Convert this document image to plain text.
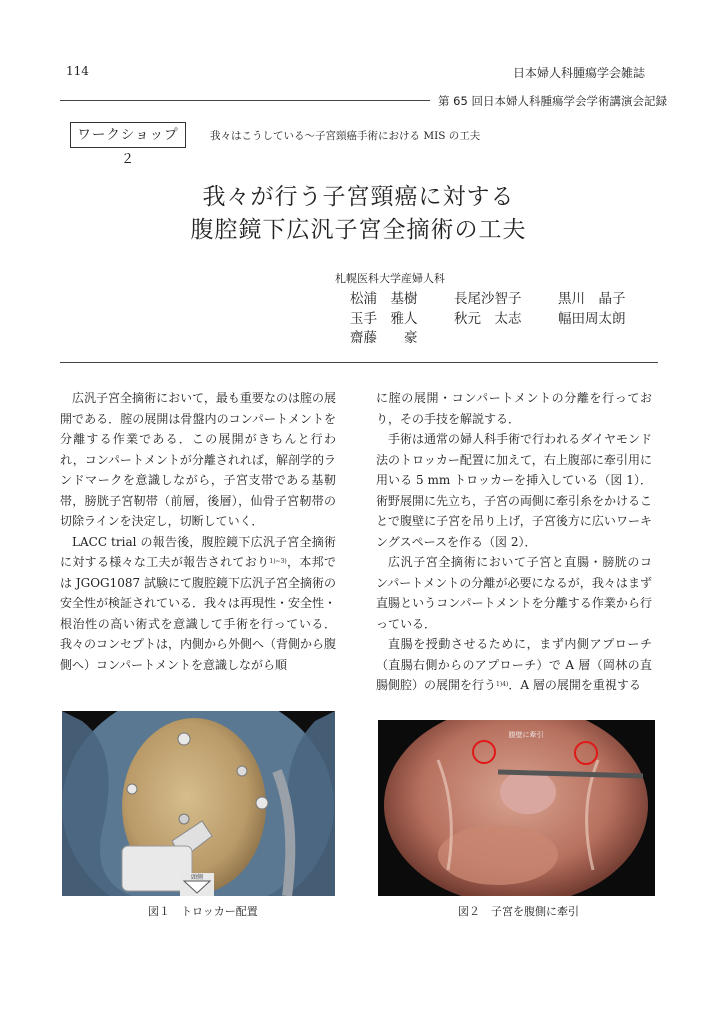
114	日本婦人科腫瘍学会雑誌
第 65 回日本婦人科腫瘍学会学術講演会記録
ワークショップ２
我々はこうしている〜子宮頸癌手術における MIS の工夫
我々が行う子宮頸癌に対する
腹腔鏡下広汎子宮全摘術の工夫
札幌医科大学産婦人科
松浦　基樹	長尾沙智子	黒川　晶子
玉手　雅人	秋元　太志	幅田周太朗
齋藤　　豪

広汎子宮全摘術において，最も重要なのは腟の展開である．腟の展開は骨盤内のコンパートメントを分離する作業である．この展開がきちんと行われ，コンパートメントが分離されれば，解剖学的ランドマークを意識しながら，子宮支帯である基靭帯，膀胱子宮靭帯（前層，後層），仙骨子宮靭帯の切除ラインを決定し，切断していく．

LACC trial の報告後，腹腔鏡下広汎子宮全摘術に対する様々な工夫が報告されており$^{1)\sim 3)}$，本邦では JGOG1087 試験にて腹腔鏡下広汎子宮全摘術の安全性が検証されている．我々は再現性・安全性・根治性の高い術式を意識して手術を行っている．我々のコンセプトは，内側から外側へ（背側から腹側へ）コンパートメントを意識しながら順

に腟の展開・コンパートメントの分離を行っており，その手技を解説する．

手術は通常の婦人科手術で行われるダイヤモンド法のトロッカー配置に加えて，右上腹部に牽引用に用いる 5 mm トロッカーを挿入している（図 1）．術野展開に先立ち，子宮の両側に牽引糸をかけることで腹壁に子宮を吊り上げ，子宮後方に広いワーキングスペースを作る（図 2）．

広汎子宮全摘術において子宮と直腸・膀胱のコンパートメントの分離が必要になるが，我々はまず直腸というコンパートメントを分離する作業から行っている．

直腸を授動させるために，まず内側アプローチ（直腸右側からのアプローチ）で A 層（岡林の直腸側腔）の展開を行う$^{1)4)}$．A 層の展開を重視する

頭側
腹壁に牽引
図１　トロッカー配置	図２　子宮を腹側に牽引
